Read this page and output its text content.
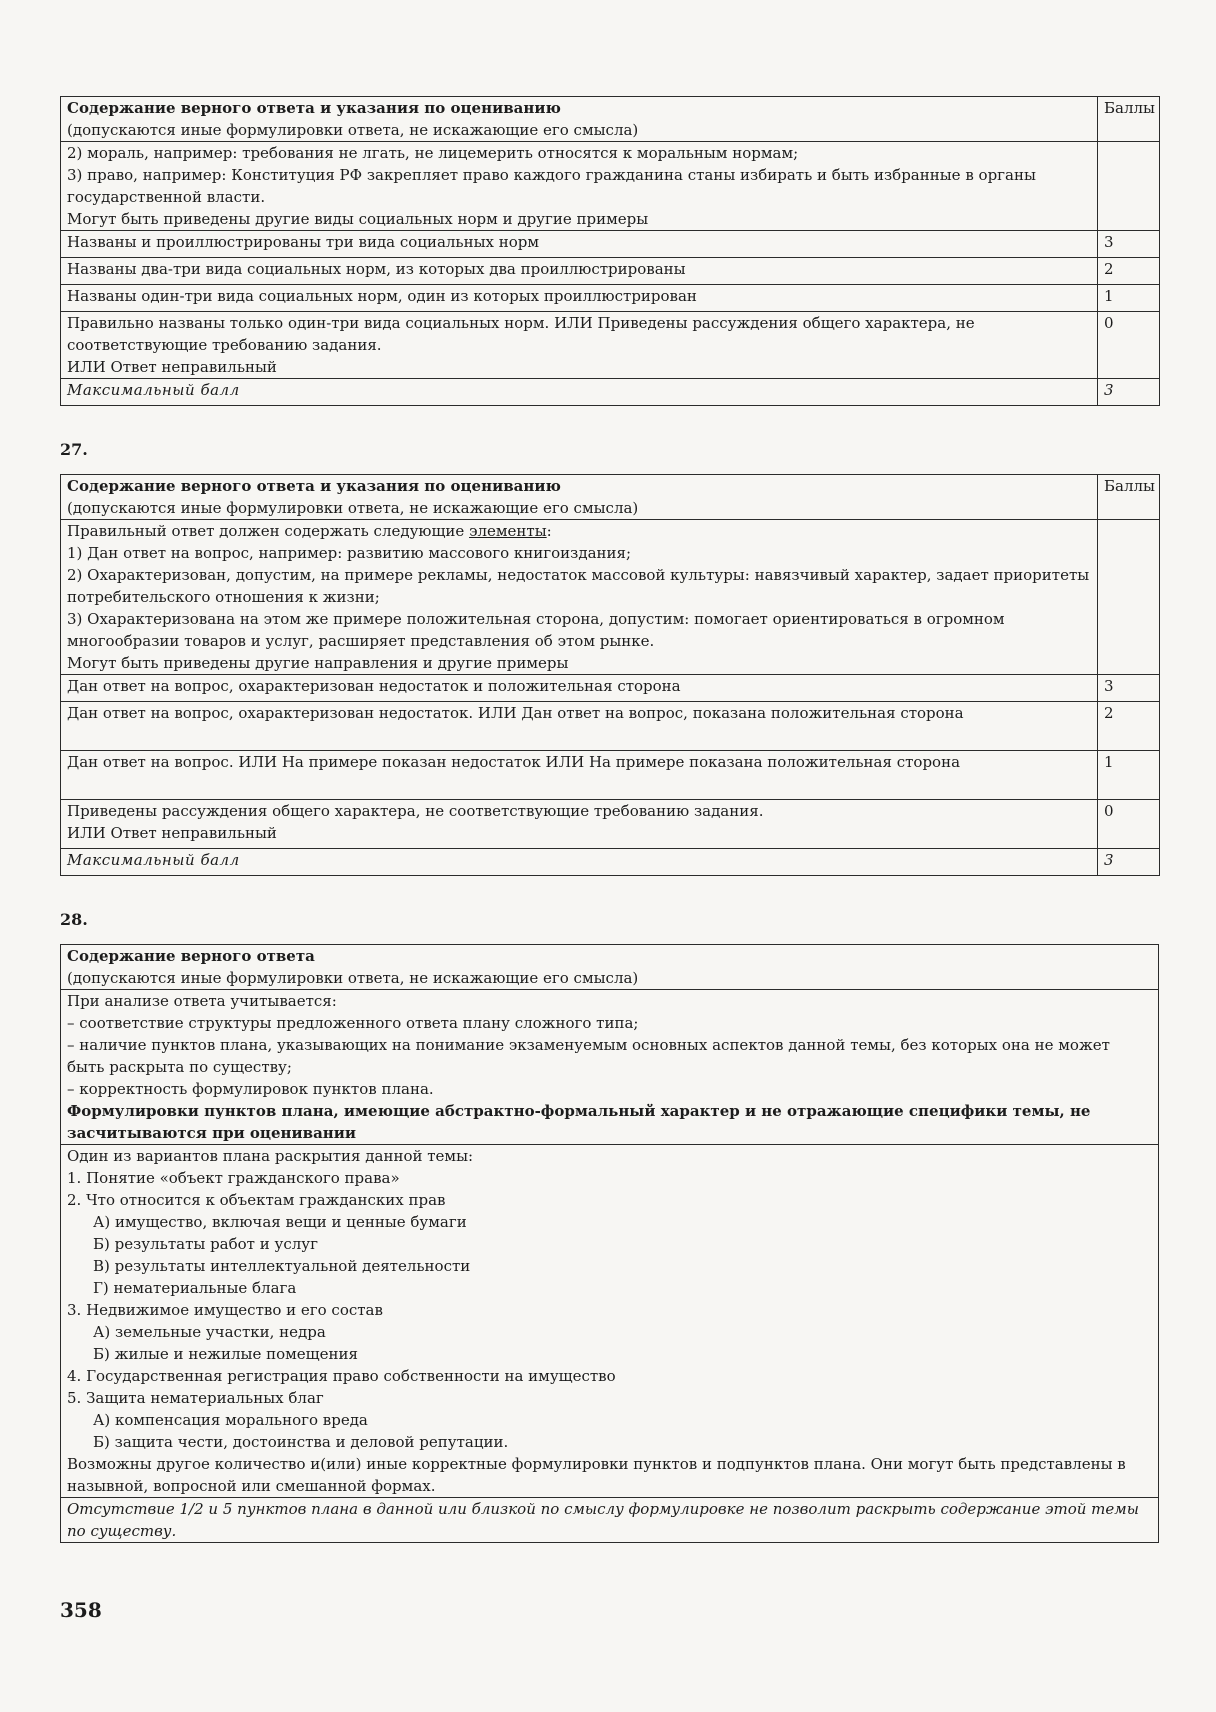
Содержание верного ответа и указания по оцениванию
(допускаются иные формулировки ответа, не искажающие его смысла)	Баллы

2) мораль, например: требования не лгать, не лицемерить относятся к моральным нормам;
3) право, например: Конституция РФ закрепляет право каждого гражданина станы избирать и быть избранные в органы государственной власти.
Могут быть приведены другие виды социальных норм и другие примеры	

Названы и проиллюстрированы три вида социальных норм	3
Названы два-три вида социальных норм, из которых два проиллюстрированы	2
Названы один-три вида социальных норм, один из которых проиллюстрирован	1

Правильно названы только один-три вида социальных норм. ИЛИ Приведены рассуждения общего характера, не соответствующие требованию задания.
ИЛИ Ответ неправильный	0
Максимальный балл	3
27.
Содержание верного ответа и указания по оцениванию
(допускаются иные формулировки ответа, не искажающие его смысла)	Баллы

Правильный ответ должен содержать следующие элементы:
1) Дан ответ на вопрос, например: развитию массового книгоиздания;
2) Охарактеризован, допустим, на примере рекламы, недостаток массовой культуры: навязчивый характер, задает приоритеты потребительского отношения к жизни;
3) Охарактеризована на этом же примере положительная сторона, допустим: помогает ориентироваться в огромном многообразии товаров и услуг, расширяет представления об этом рынке.
Могут быть приведены другие направления и другие примеры	

Дан ответ на вопрос, охарактеризован недостаток и положительная сторона	3
Дан ответ на вопрос, охарактеризован недостаток. ИЛИ Дан ответ на вопрос, показана положительная сторона	2
Дан ответ на вопрос. ИЛИ На примере показан недостаток ИЛИ На примере показана положительная сторона	1

Приведены рассуждения общего характера, не соответствующие требованию задания.
ИЛИ Ответ неправильный	0
Максимальный балл	3
28.
Содержание верного ответа
(допускаются иные формулировки ответа, не искажающие его смысла)

При анализе ответа учитывается:
– соответствие структуры предложенного ответа плану сложного типа;
– наличие пунктов плана, указывающих на понимание экзаменуемым основных аспектов данной темы, без которых она не может быть раскрыта по существу;
– корректность формулировок пунктов плана.
Формулировки пунктов плана, имеющие абстрактно-формальный характер и не отражающие специфики темы, не засчитываются при оценивании

Один из вариантов плана раскрытия данной темы:
1. Понятие «объект гражданского права»
2. Что относится к объектам гражданских прав
А) имущество, включая вещи и ценные бумаги
Б) результаты работ и услуг
В) результаты интеллектуальной деятельности
Г) нематериальные блага
3. Недвижимое имущество и его состав
А) земельные участки, недра
Б) жилые и нежилые помещения
4. Государственная регистрация право собственности на имущество
5. Защита нематериальных благ
А) компенсация морального вреда
Б) защита чести, достоинства и деловой репутации.
Возможны другое количество и(или) иные корректные формулировки пунктов и подпунктов плана. Они могут быть представлены в назывной, вопросной или смешанной формах.

Отсутствие 1/2 и 5 пунктов плана в данной или близкой по смыслу формулировке не позволит раскрыть содержание этой темы по существу.
358
